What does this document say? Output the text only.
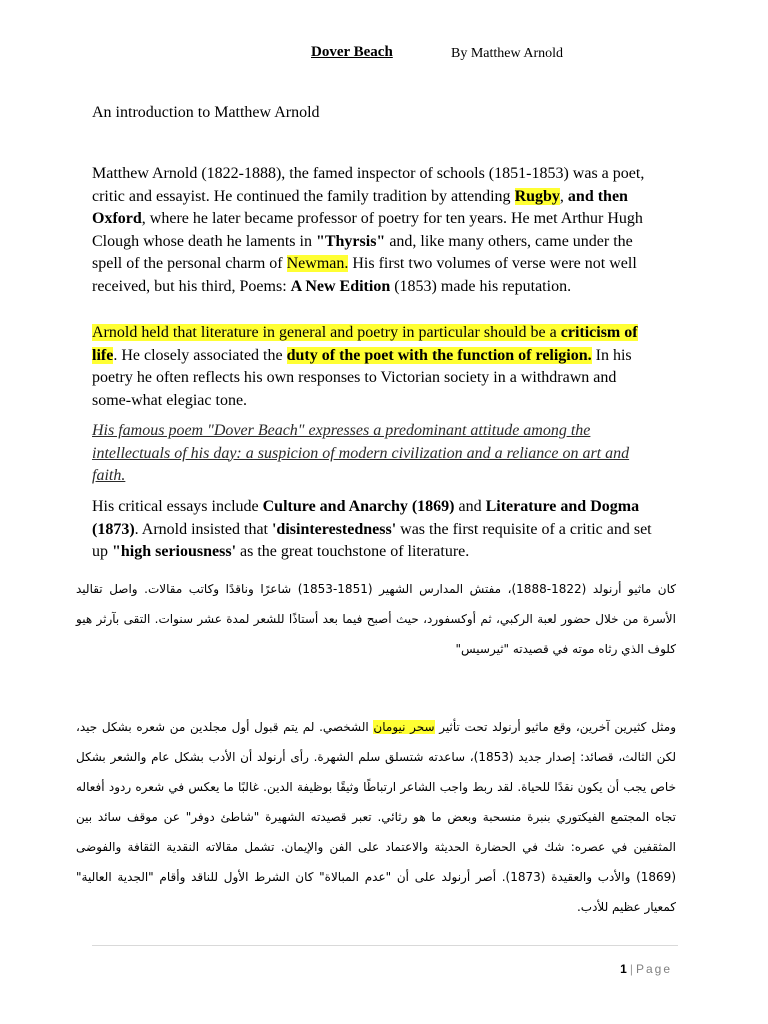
Dover Beach	By Matthew Arnold
An introduction to Matthew Arnold
Matthew Arnold (1822-1888), the famed inspector of schools (1851-1853) was a poet, critic and essayist. He continued the family tradition by attending Rugby, and then Oxford, where he later became professor of poetry for ten years. He met Arthur Hugh Clough whose death he laments in "Thyrsis" and, like many others, came under the spell of the personal charm of Newman. His first two volumes of verse were not well received, but his third, Poems: A New Edition (1853) made his reputation.
Arnold held that literature in general and poetry in particular should be a criticism of life. He closely associated the duty of the poet with the function of religion. In his poetry he often reflects his own responses to Victorian society in a withdrawn and some-what elegiac tone.
His famous poem "Dover Beach" expresses a predominant attitude among the intellectuals of his day: a suspicion of modern civilization and a reliance on art and faith.
His critical essays include Culture and Anarchy (1869) and Literature and Dogma (1873). Arnold insisted that 'disinterestedness' was the first requisite of a critic and set up "high seriousness' as the great touchstone of literature.
كان ماثيو أرنولد (1822-1888)، مفتش المدارس الشهير (1851-1853) شاعرًا وناقدًا وكاتب مقالات. واصل تقاليد الأسرة من خلال حضور لعبة الركبي، ثم أوكسفورد، حيث أصبح فيما بعد أستاذًا للشعر لمدة عشر سنوات. التقى بآرثر هيو كلوف الذي رثاه موته في قصيدته "ثيرسيس"
ومثل كثيرين آخرين، وقع ماثيو أرنولد تحت تأثير سحر نيومان الشخصي. لم يتم قبول أول مجلدين من شعره بشكل جيد، لكن الثالث، قصائد: إصدار جديد (1853)، ساعدته شتسلق سلم الشهرة. رأى أرنولد أن الأدب بشكل عام والشعر بشكل خاص يجب أن يكون نقدًا للحياة. لقد ربط واجب الشاعر ارتباطًا وثيقًا بوظيفة الدين. غالبًا ما يعكس في شعره ردود أفعاله تجاه المجتمع الفيكتوري بنبرة منسحبة وبعض ما هو رثائي. تعبر قصيدته الشهيرة "شاطئ دوفر" عن موقف سائد بين المثقفين في عصره: شك في الحضارة الحديثة والاعتماد على الفن والإيمان. تشمل مقالاته النقدية الثقافة والفوضى (1869) والأدب والعقيدة (1873). أصر أرنولد على أن "عدم المبالاة" كان الشرط الأول للناقد وأقام "الجدية العالية" كمعيار عظيم للأدب.
1 | Page
